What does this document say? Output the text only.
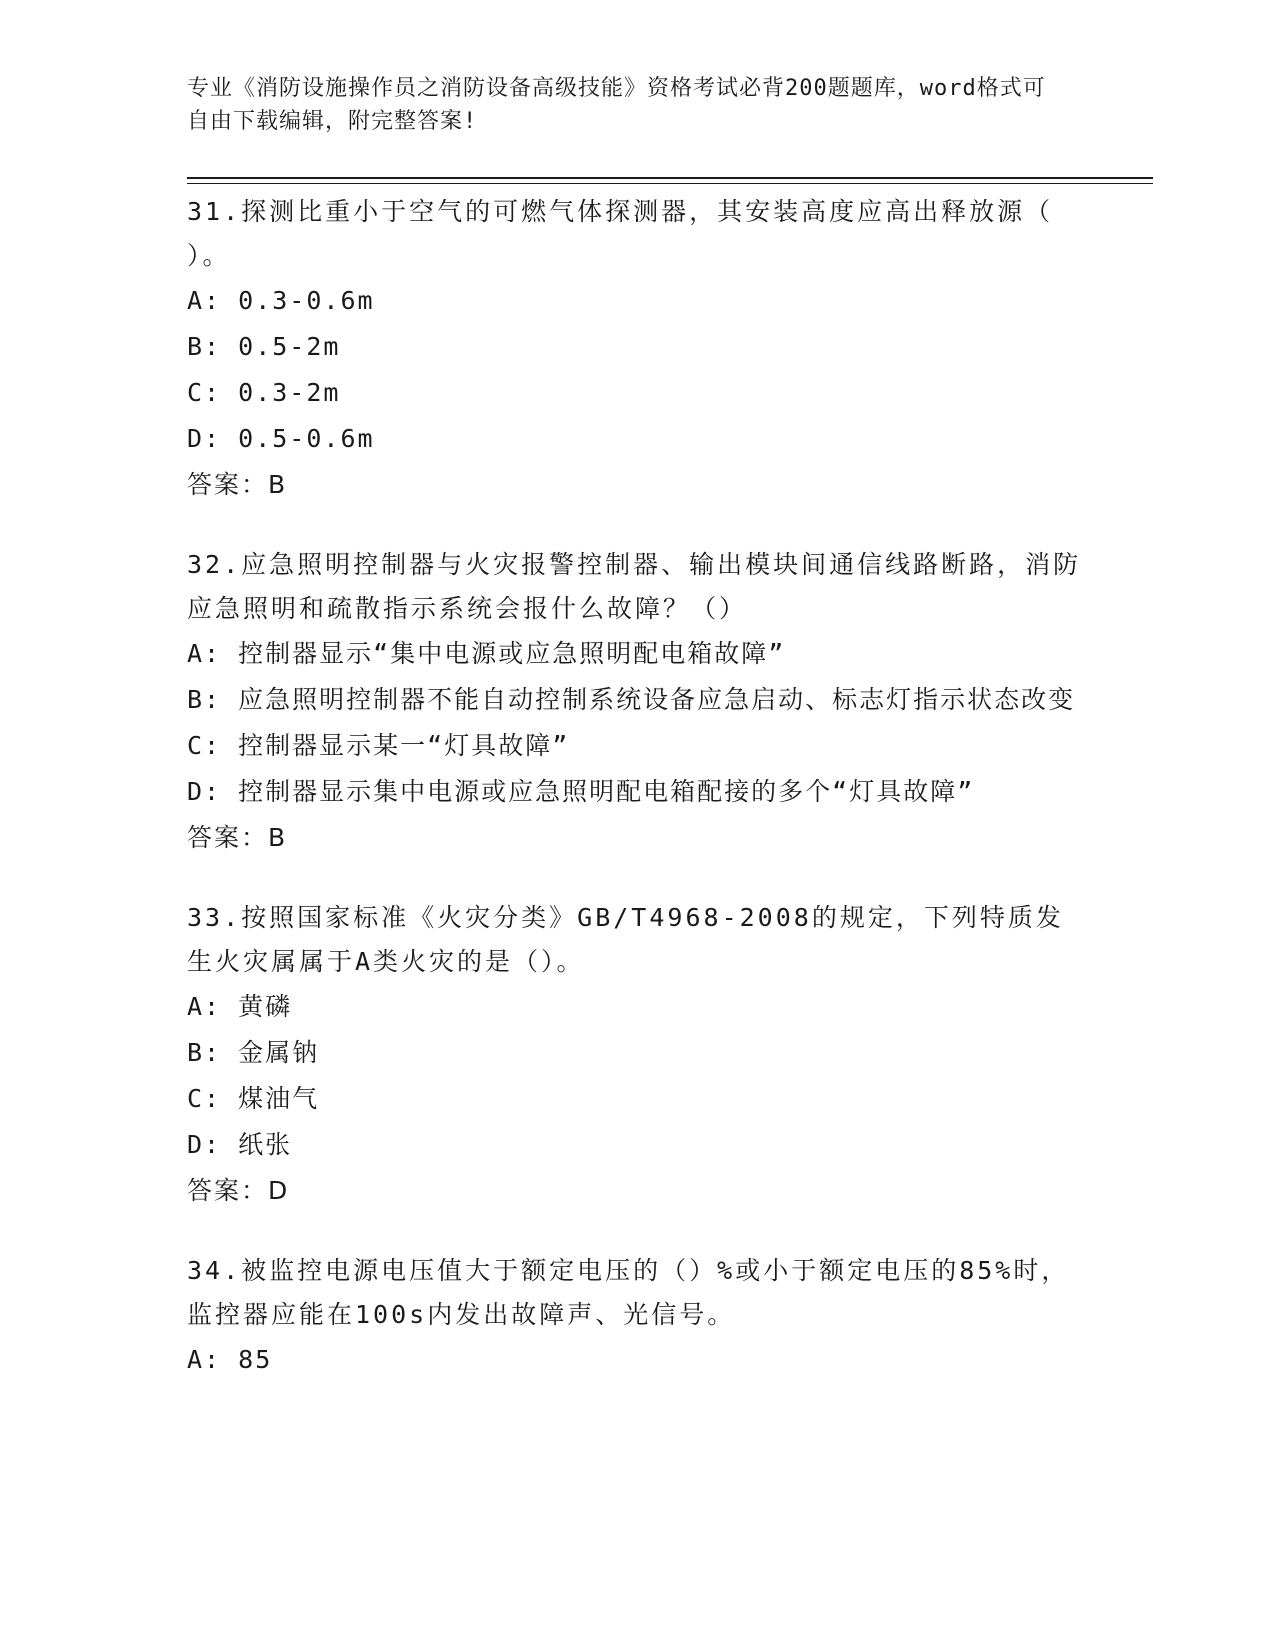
专业《消防设施操作员之消防设备高级技能》资格考试必背200题题库，word格式可自由下载编辑，附完整答案!

31.探测比重小于空气的可燃气体探测器，其安装高度应高出释放源（ ）。

A: 0.3-0.6m

B: 0.5-2m

C: 0.3-2m

D: 0.5-0.6m

答案：B

32.应急照明控制器与火灾报警控制器、输出模块间通信线路断路，消防应急照明和疏散指示系统会报什么故障？（）

A: 控制器显示“集中电源或应急照明配电箱故障”

B: 应急照明控制器不能自动控制系统设备应急启动、标志灯指示状态改变

C: 控制器显示某一“灯具故障”

D: 控制器显示集中电源或应急照明配电箱配接的多个“灯具故障”

答案：B

33.按照国家标准《火灾分类》GB/T4968-2008的规定，下列特质发生火灾属属于A类火灾的是（）。

A: 黄磷

B: 金属钠

C: 煤油气

D: 纸张

答案：D

34.被监控电源电压值大于额定电压的（）%或小于额定电压的85%时，监控器应能在100s内发出故障声、光信号。

A: 85
